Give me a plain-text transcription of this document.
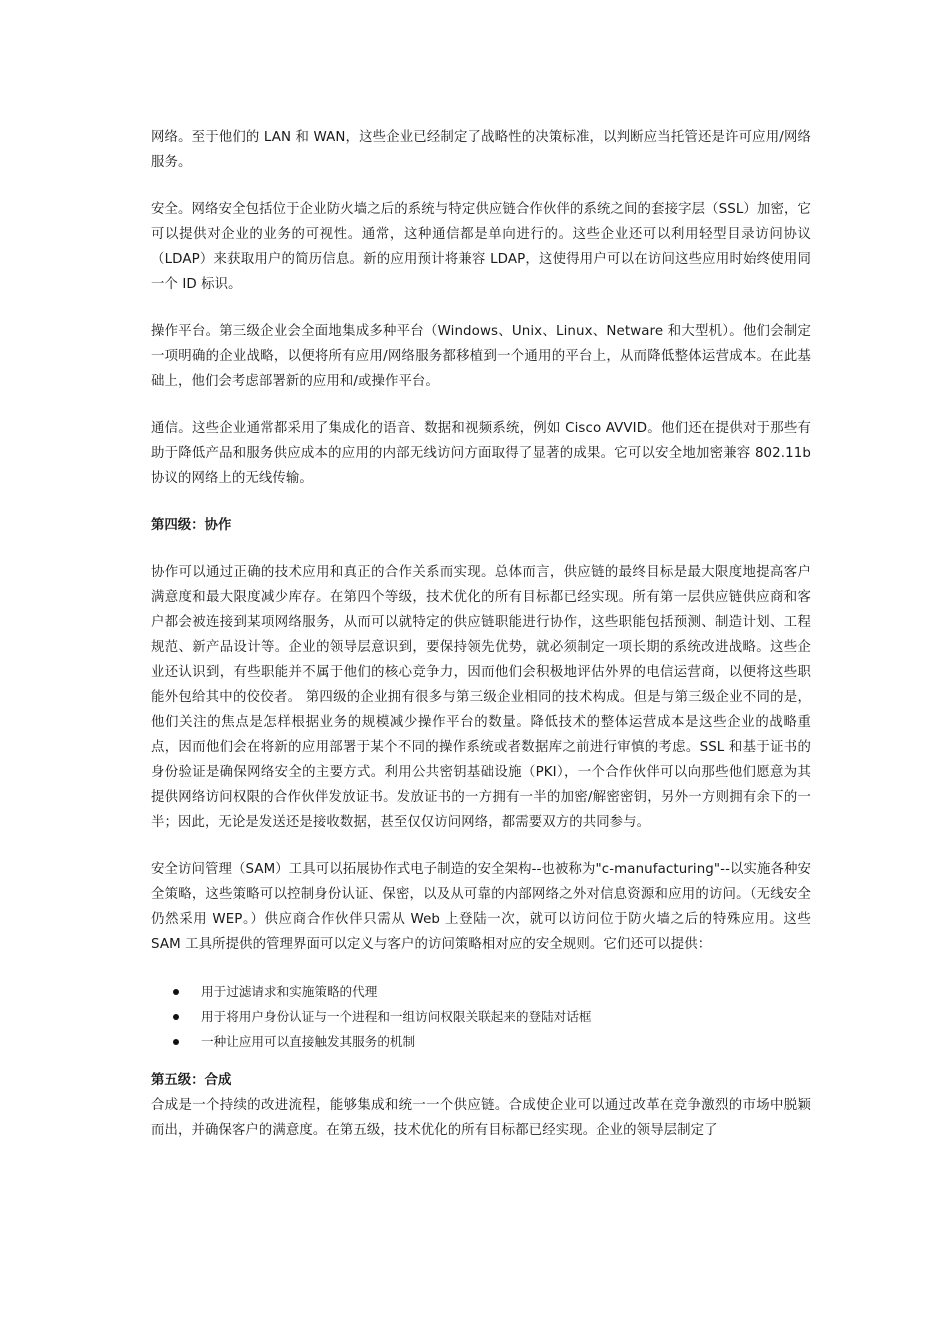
网络。至于他们的 LAN 和 WAN，这些企业已经制定了战略性的决策标准，以判断应当托管还是许可应用/网络服务。

安全。网络安全包括位于企业防火墙之后的系统与特定供应链合作伙伴的系统之间的套接字层（SSL）加密，它可以提供对企业的业务的可视性。通常，这种通信都是单向进行的。这些企业还可以利用轻型目录访问协议（LDAP）来获取用户的简历信息。新的应用预计将兼容 LDAP，这使得用户可以在访问这些应用时始终使用同一个 ID 标识。

操作平台。第三级企业会全面地集成多种平台（Windows、Unix、Linux、Netware 和大型机）。他们会制定一项明确的企业战略，以便将所有应用/网络服务都移植到一个通用的平台上，从而降低整体运营成本。在此基础上，他们会考虑部署新的应用和/或操作平台。

通信。这些企业通常都采用了集成化的语音、数据和视频系统，例如 Cisco AVVID。他们还在提供对于那些有助于降低产品和服务供应成本的应用的内部无线访问方面取得了显著的成果。它可以安全地加密兼容 802.11b 协议的网络上的无线传输。

第四级：协作

协作可以通过正确的技术应用和真正的合作关系而实现。总体而言，供应链的最终目标是最大限度地提高客户满意度和最大限度减少库存。在第四个等级，技术优化的所有目标都已经实现。所有第一层供应链供应商和客户都会被连接到某项网络服务，从而可以就特定的供应链职能进行协作，这些职能包括预测、制造计划、工程规范、新产品设计等。企业的领导层意识到，要保持领先优势，就必须制定一项长期的系统改进战略。这些企业还认识到，有些职能并不属于他们的核心竞争力，因而他们会积极地评估外界的电信运营商，以便将这些职能外包给其中的佼佼者。 第四级的企业拥有很多与第三级企业相同的技术构成。但是与第三级企业不同的是，他们关注的焦点是怎样根据业务的规模减少操作平台的数量。降低技术的整体运营成本是这些企业的战略重点，因而他们会在将新的应用部署于某个不同的操作系统或者数据库之前进行审慎的考虑。SSL 和基于证书的身份验证是确保网络安全的主要方式。利用公共密钥基础设施（PKI），一个合作伙伴可以向那些他们愿意为其提供网络访问权限的合作伙伴发放证书。发放证书的一方拥有一半的加密/解密密钥，另外一方则拥有余下的一半；因此，无论是发送还是接收数据，甚至仅仅访问网络，都需要双方的共同参与。

安全访问管理（SAM）工具可以拓展协作式电子制造的安全架构--也被称为"c-manufacturing"--以实施各种安全策略，这些策略可以控制身份认证、保密，以及从可靠的内部网络之外对信息资源和应用的访问。（无线安全仍然采用 WEP。）供应商合作伙伴只需从 Web 上登陆一次，就可以访问位于防火墙之后的特殊应用。这些 SAM 工具所提供的管理界面可以定义与客户的访问策略相对应的安全规则。它们还可以提供：

用于过滤请求和实施策略的代理
用于将用户身份认证与一个进程和一组访问权限关联起来的登陆对话框
一种让应用可以直接触发其服务的机制
第五级：合成

合成是一个持续的改进流程，能够集成和统一一个供应链。合成使企业可以通过改革在竞争激烈的市场中脱颖而出，并确保客户的满意度。在第五级，技术优化的所有目标都已经实现。企业的领导层制定了
